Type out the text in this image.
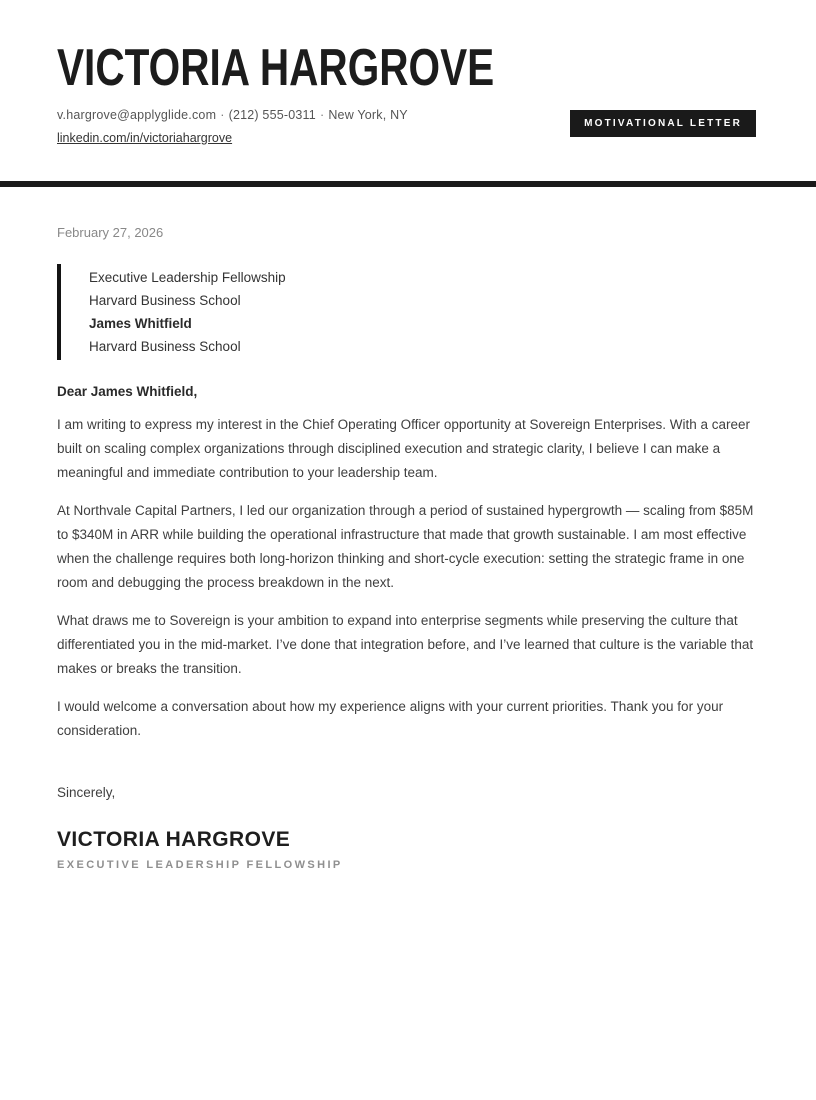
VICTORIA HARGROVE
v.hargrove@applyglide.com · (212) 555-0311 · New York, NY
linkedin.com/in/victoriahargrove
MOTIVATIONAL LETTER
February 27, 2026
Executive Leadership Fellowship
Harvard Business School
James Whitfield
Harvard Business School

Dear James Whitfield,

I am writing to express my interest in the Chief Operating Officer opportunity at Sovereign Enterprises. With a career built on scaling complex organizations through disciplined execution and strategic clarity, I believe I can make a meaningful and immediate contribution to your leadership team.

At Northvale Capital Partners, I led our organization through a period of sustained hypergrowth — scaling from $85M to $340M in ARR while building the operational infrastructure that made that growth sustainable. I am most effective when the challenge requires both long-horizon thinking and short-cycle execution: setting the strategic frame in one room and debugging the process breakdown in the next.

What draws me to Sovereign is your ambition to expand into enterprise segments while preserving the culture that differentiated you in the mid-market. I’ve done that integration before, and I’ve learned that culture is the variable that makes or breaks the transition.

I would welcome a conversation about how my experience aligns with your current priorities. Thank you for your consideration.

Sincerely,

VICTORIA HARGROVE
EXECUTIVE LEADERSHIP FELLOWSHIP
